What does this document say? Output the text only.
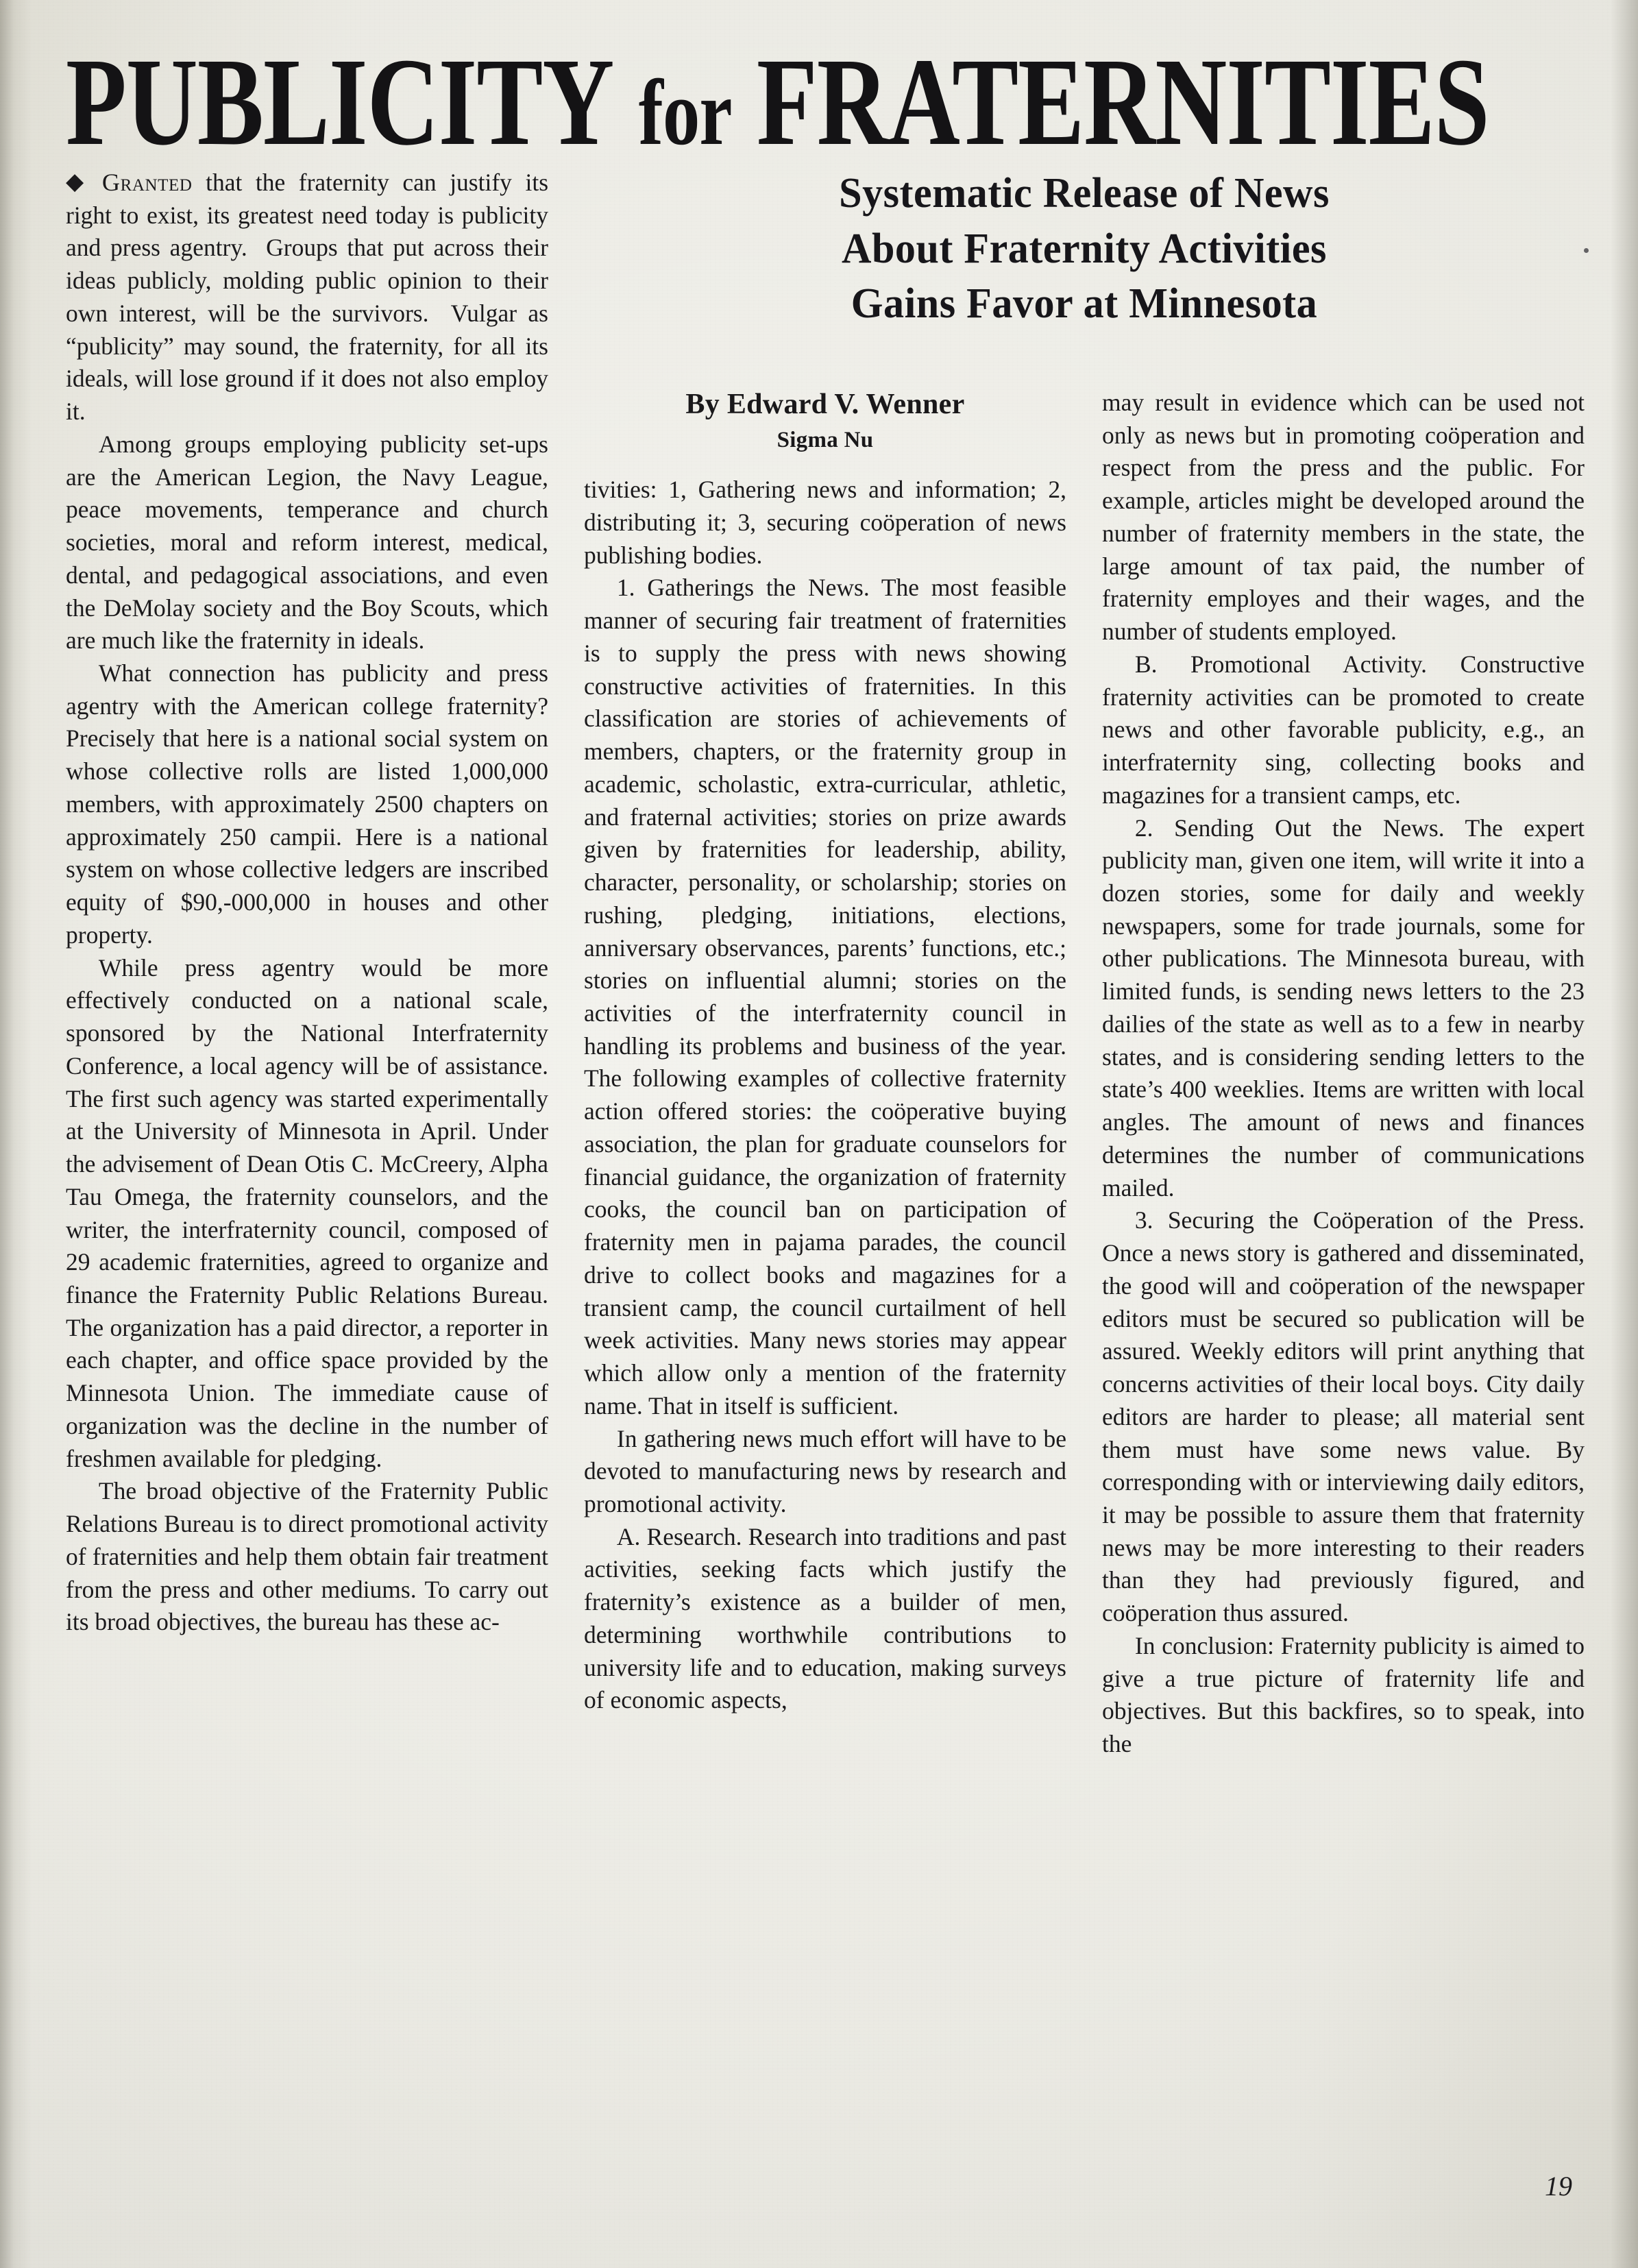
PUBLICITY for FRATERNITIES
Systematic Release of News
About Fraternity Activities
Gains Favor at Minnesota

◆ Granted that the fraternity can justify its right to exist, its greatest need today is publicity and press agentry.  Groups that put across their ideas publicly, molding public opinion to their own interest, will be the survivors.  Vulgar as “publicity” may sound, the fraternity, for all its ideals, will lose ground if it does not also employ it.

Among groups employing publicity set-ups are the American Legion, the Navy League, peace movements, temperance and church societies, moral and reform interest, medical, dental, and pedagogical associations, and even the DeMolay society and the Boy Scouts, which are much like the fraternity in ideals.

What connection has publicity and press agentry with the American college fraternity? Precisely that here is a national social system on whose collective rolls are listed 1,000,000 members, with approximately 2500 chapters on approximately 250 campii. Here is a national system on whose collective ledgers are inscribed equity of $90,-000,000 in houses and other property.

While press agentry would be more effectively conducted on a national scale, sponsored by the National Interfraternity Conference, a local agency will be of assistance. The first such agency was started experimentally at the University of Minnesota in April. Under the advisement of Dean Otis C. McCreery, Alpha Tau Omega, the fraternity counselors, and the writer, the interfraternity council, composed of 29 academic fraternities, agreed to organize and finance the Fraternity Public Relations Bureau. The organization has a paid director, a reporter in each chapter, and office space provided by the Minnesota Union. The immediate cause of organization was the decline in the number of freshmen available for pledging.

The broad objective of the Fraternity Public Relations Bureau is to direct promotional activity of fraternities and help them obtain fair treatment from the press and other mediums. To carry out its broad objectives, the bureau has these ac-

By Edward V. Wenner
Sigma Nu

tivities: 1, Gathering news and information; 2, distributing it; 3, securing coöperation of news publishing bodies.

1. Gatherings the News. The most feasible manner of securing fair treatment of fraternities is to supply the press with news showing constructive activities of fraternities. In this classification are stories of achievements of members, chapters, or the fraternity group in academic, scholastic, extra-curricular, athletic, and fraternal activities; stories on prize awards given by fraternities for leadership, ability, character, personality, or scholarship; stories on rushing, pledging, initiations, elections, anniversary observances, parents’ functions, etc.; stories on influential alumni; stories on the activities of the interfraternity council in handling its problems and business of the year. The following examples of collective fraternity action offered stories: the coöperative buying association, the plan for graduate counselors for financial guidance, the organization of fraternity cooks, the council ban on participation of fraternity men in pajama parades, the council drive to collect books and magazines for a transient camp, the council curtailment of hell week activities. Many news stories may appear which allow only a mention of the fraternity name. That in itself is sufficient.

In gathering news much effort will have to be devoted to manufacturing news by research and promotional activity.

A. Research. Research into traditions and past activities, seeking facts which justify the fraternity’s existence as a builder of men, determining worthwhile contributions to university life and to education, making surveys of economic aspects,

may result in evidence which can be used not only as news but in promoting coöperation and respect from the press and the public. For example, articles might be developed around the number of fraternity members in the state, the large amount of tax paid, the number of fraternity employes and their wages, and the number of students employed.

B. Promotional Activity. Constructive fraternity activities can be promoted to create news and other favorable publicity, e.g., an interfraternity sing, collecting books and magazines for a transient camps, etc.

2. Sending Out the News. The expert publicity man, given one item, will write it into a dozen stories, some for daily and weekly newspapers, some for trade journals, some for other publications. The Minnesota bureau, with limited funds, is sending news letters to the 23 dailies of the state as well as to a few in nearby states, and is considering sending letters to the state’s 400 weeklies. Items are written with local angles. The amount of news and finances determines the number of communications mailed.

3. Securing the Coöperation of the Press. Once a news story is gathered and disseminated, the good will and coöperation of the newspaper editors must be secured so publication will be assured. Weekly editors will print anything that concerns activities of their local boys. City daily editors are harder to please; all material sent them must have some news value. By corresponding with or interviewing daily editors, it may be possible to assure them that fraternity news may be more interesting to their readers than they had previously figured, and coöperation thus assured.

In conclusion: Fraternity publicity is aimed to give a true picture of fraternity life and objectives. But this backfires, so to speak, into the

19
